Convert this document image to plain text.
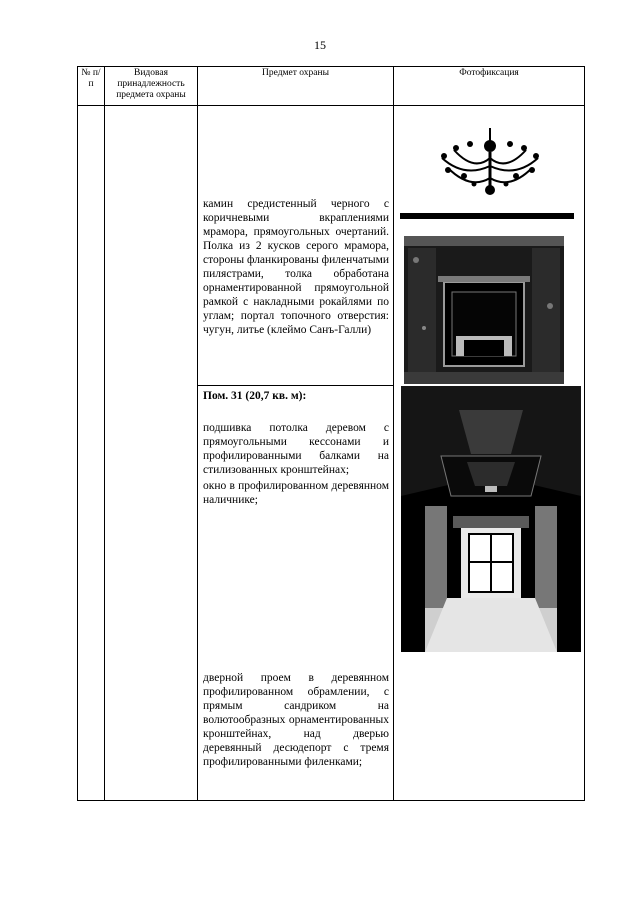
15
№ п/п
Видовая принадлежность предмета охраны
Предмет охраны	Фотофиксация
камин средистенный черного с коричневыми вкраплениями мрамора, прямоугольных очертаний. Полка из 2 кусков серого мрамора, стороны фланкированы филенчатыми пилястрами, толка обработана орнаментированной прямоугольной рамкой с накладными рокайлями по углам; портал топочного отверстия: чугун, литье (клеймо Санъ-Галли)
Пом. 31 (20,7 кв. м):
подшивка потолка деревом с прямоугольными кессонами и профилированными балками на стилизованных кронштейнах;
окно в профилированном деревянном наличнике;
дверной проем в деревянном профилированном обрамлении, с прямым сандриком на волютообразных орнаментированных кронштейнах, над дверью деревянный десюдепорт с тремя профилированными филенками;
